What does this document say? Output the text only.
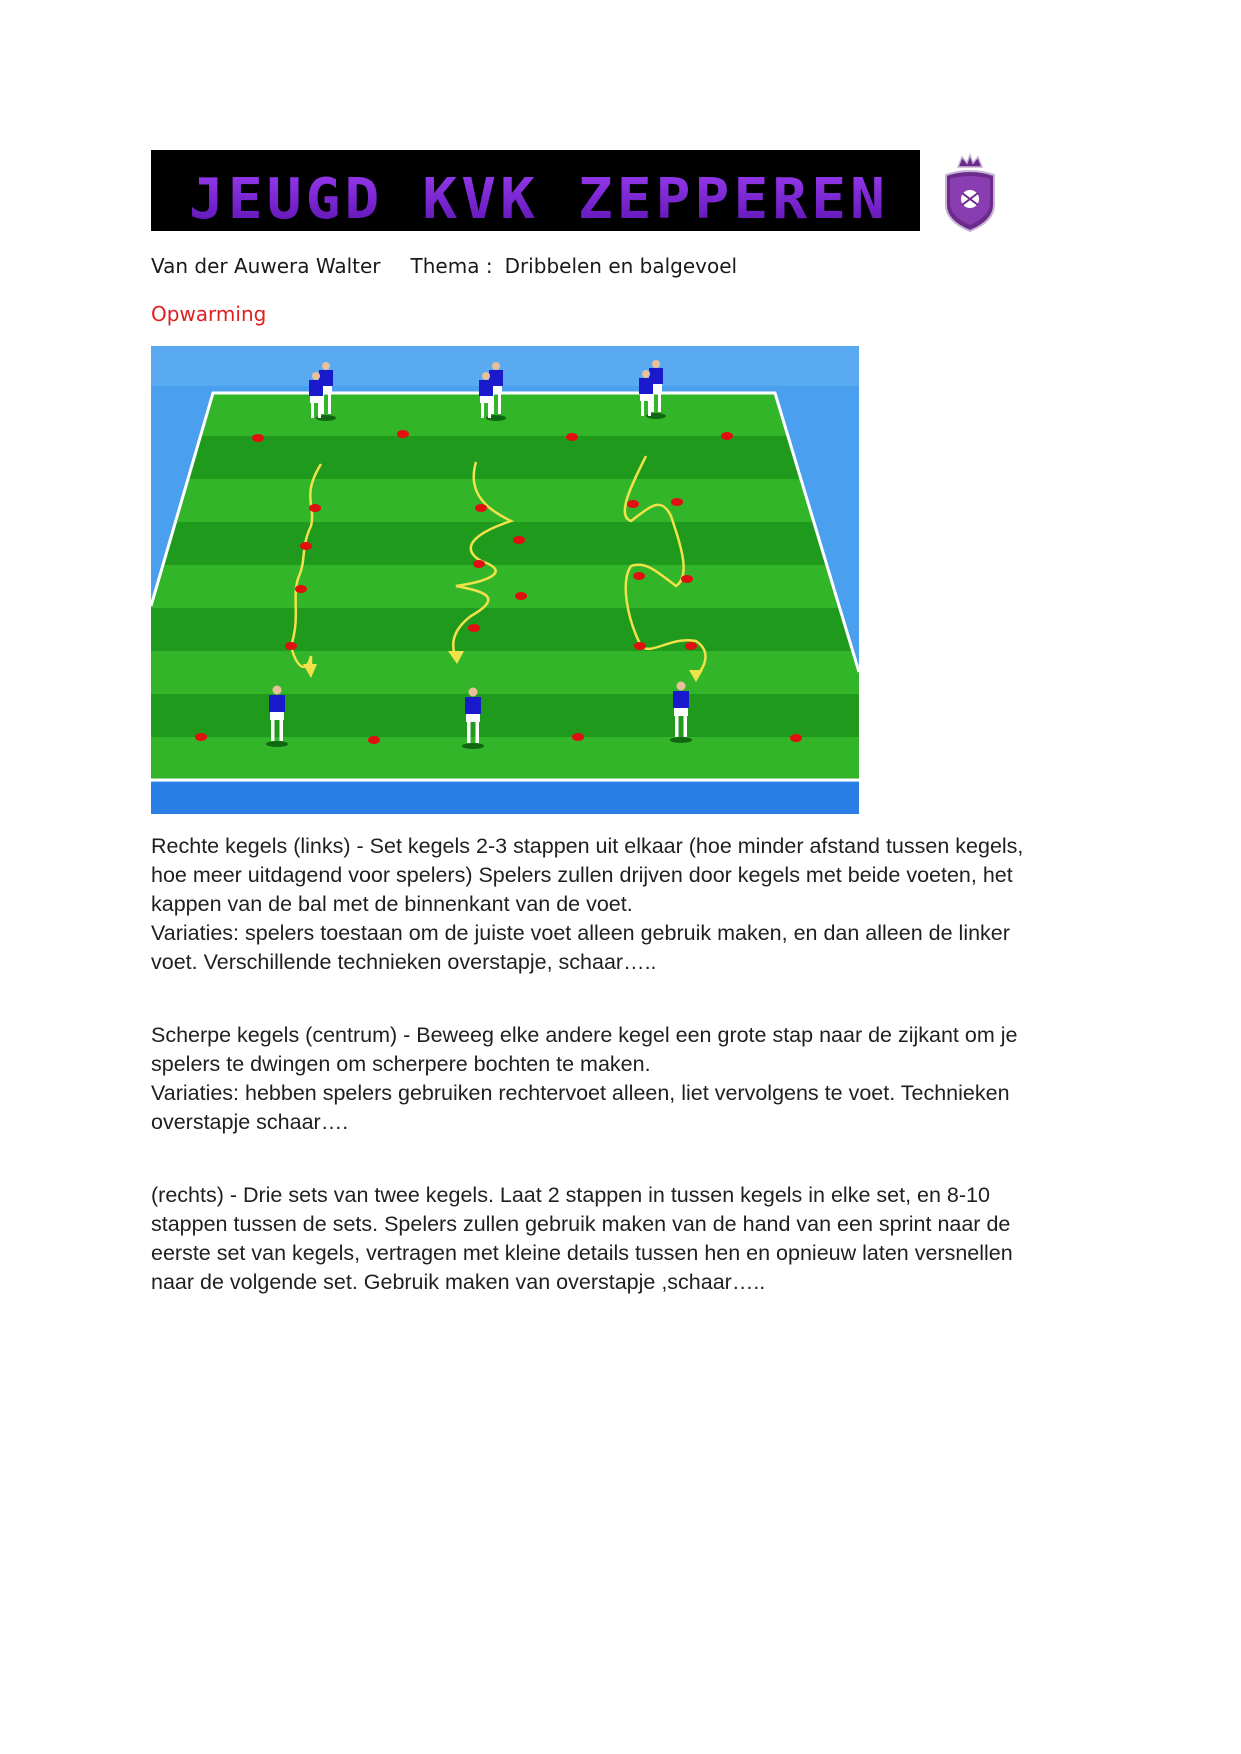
JEUGD KVK ZEPPEREN
Van der Auwera Walter Thema : Dribbelen en balgevoel
Opwarming

Rechte kegels (links) - Set kegels 2-3 stappen uit elkaar (hoe minder afstand tussen kegels,
hoe meer uitdagend voor spelers) Spelers zullen drijven door kegels met beide voeten, het
kappen van de bal met de binnenkant van de voet.
Variaties: spelers toestaan om de juiste voet alleen gebruik maken, en dan alleen de linker
voet. Verschillende technieken overstapje, schaar…..

Scherpe kegels (centrum) - Beweeg elke andere kegel een grote stap naar de zijkant om je
spelers te dwingen om scherpere bochten te maken.
Variaties: hebben spelers gebruiken rechtervoet alleen, liet vervolgens te voet. Technieken
overstapje schaar….

(rechts) - Drie sets van twee kegels. Laat 2 stappen in tussen kegels in elke set, en 8-10
stappen tussen de sets. Spelers zullen gebruik maken van de hand van een sprint naar de
eerste set van kegels, vertragen met kleine details tussen hen en opnieuw laten versnellen
naar de volgende set. Gebruik maken van overstapje ,schaar…..
